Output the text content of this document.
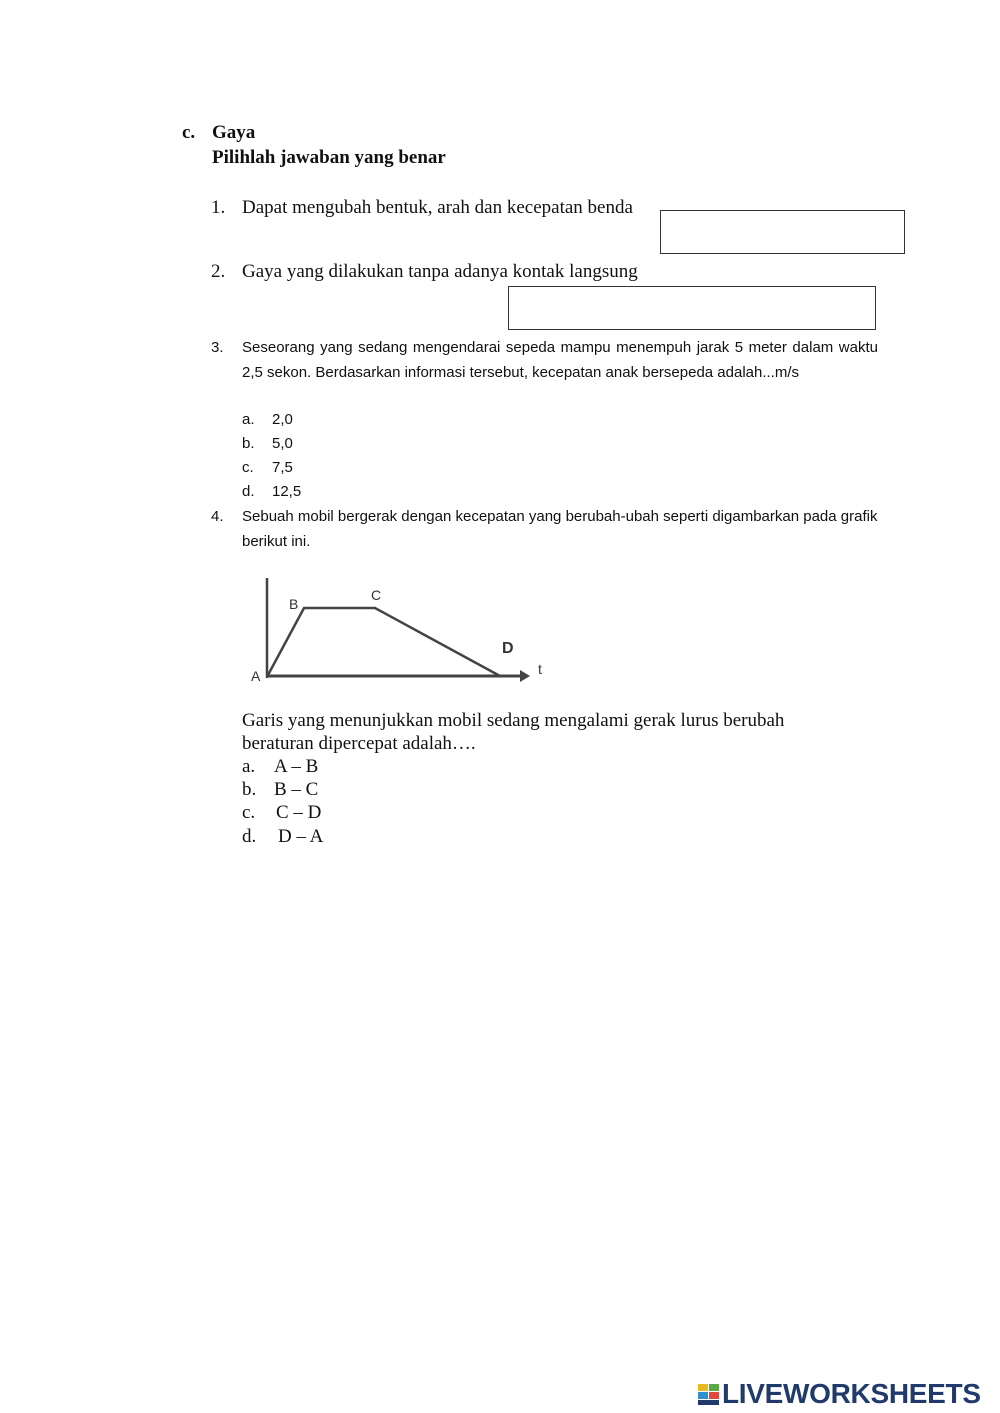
c. Gaya
Pilihlah jawaban yang benar
1. Dapat mengubah bentuk, arah dan kecepatan benda
2. Gaya yang dilakukan tanpa adanya kontak langsung
3. Seseorang yang sedang mengendarai sepeda mampu menempuh jarak 5 meter dalam waktu 2,5 sekon. Berdasarkan informasi tersebut, kecepatan anak bersepeda adalah...m/s
a. 2,0
b. 5,0
c. 7,5
d. 12,5
4. Sebuah mobil bergerak dengan kecepatan yang berubah-ubah seperti digambarkan pada grafik berikut ini.
A
B
C
D
t
Garis yang menunjukkan mobil sedang mengalami gerak lurus berubah beraturan dipercepat adalah….
a. A – B
b. B – C
c. C – D
d. D – A
LIVEWORKSHEETS
